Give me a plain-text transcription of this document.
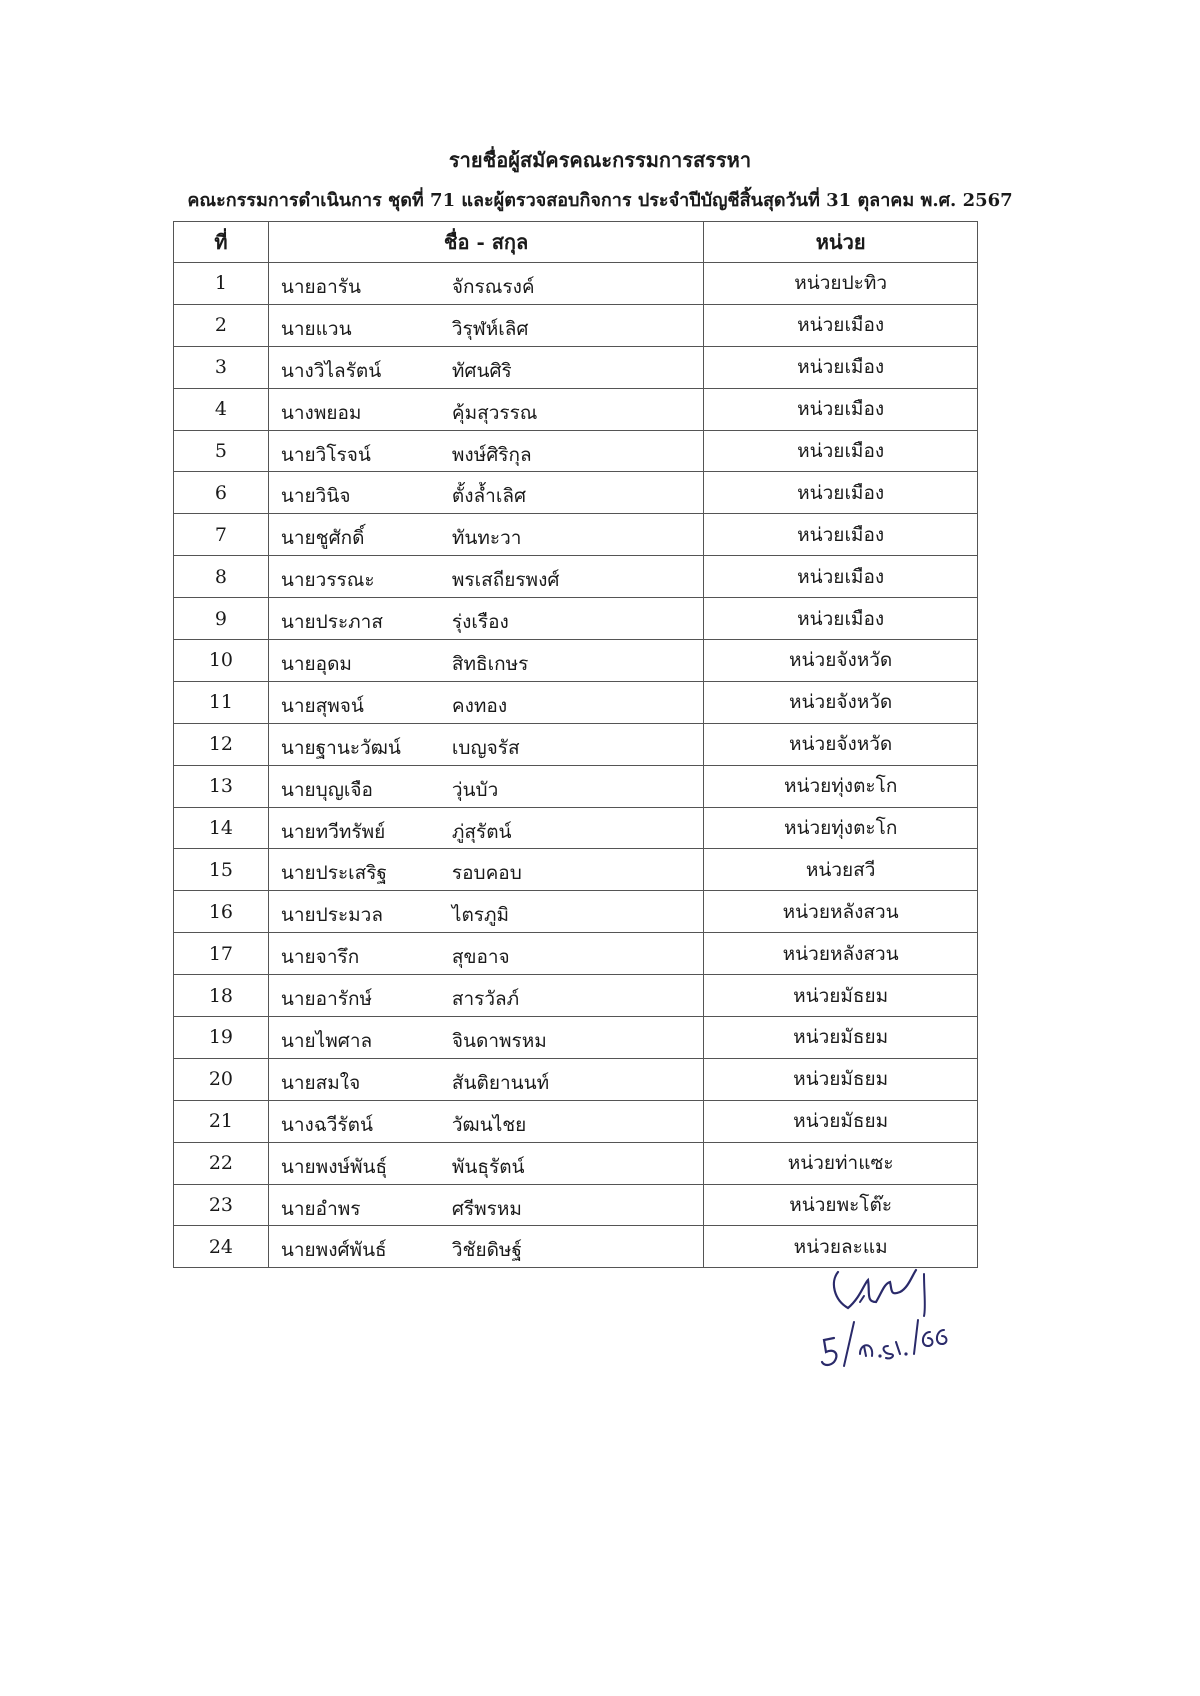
รายชื่อผู้สมัครคณะกรรมการสรรหา
คณะกรรมการดำเนินการ ชุดที่ 71 และผู้ตรวจสอบกิจการ ประจำปีบัญชีสิ้นสุดวันที่ 31 ตุลาคม พ.ศ. 2567
ที่	ชื่อ - สกุล	หน่วย
1	นายอารัน จักรณรงค์	หน่วยปะทิว
2	นายแวน วิรุฬห์เลิศ	หน่วยเมือง
3	นางวิไลรัตน์ ทัศนศิริ	หน่วยเมือง
4	นางพยอม คุ้มสุวรรณ	หน่วยเมือง
5	นายวิโรจน์ พงษ์ศิริกุล	หน่วยเมือง
6	นายวินิจ ตั้งล้ำเลิศ	หน่วยเมือง
7	นายชูศักดิ์ ทันทะวา	หน่วยเมือง
8	นายวรรณะ พรเสถียรพงศ์	หน่วยเมือง
9	นายประภาส รุ่งเรือง	หน่วยเมือง
10	นายอุดม สิทธิเกษร	หน่วยจังหวัด
11	นายสุพจน์ คงทอง	หน่วยจังหวัด
12	นายฐานะวัฒน์ เบญจรัส	หน่วยจังหวัด
13	นายบุญเจือ วุ่นบัว	หน่วยทุ่งตะโก
14	นายทวีทรัพย์ ภู่สุรัตน์	หน่วยทุ่งตะโก
15	นายประเสริฐ รอบคอบ	หน่วยสวี
16	นายประมวล ไตรภูมิ	หน่วยหลังสวน
17	นายจารึก สุขอาจ	หน่วยหลังสวน
18	นายอารักษ์ สารวัลภ์	หน่วยมัธยม
19	นายไพศาล จินดาพรหม	หน่วยมัธยม
20	นายสมใจ สันติยานนท์	หน่วยมัธยม
21	นางฉวีรัตน์ วัฒนไชย	หน่วยมัธยม
22	นายพงษ์พันธุ์ พันธุรัตน์	หน่วยท่าแซะ
23	นายอำพร ศรีพรหม	หน่วยพะโต๊ะ
24	นายพงศ์พันธ์ วิชัยดิษฐ์	หน่วยละแม
